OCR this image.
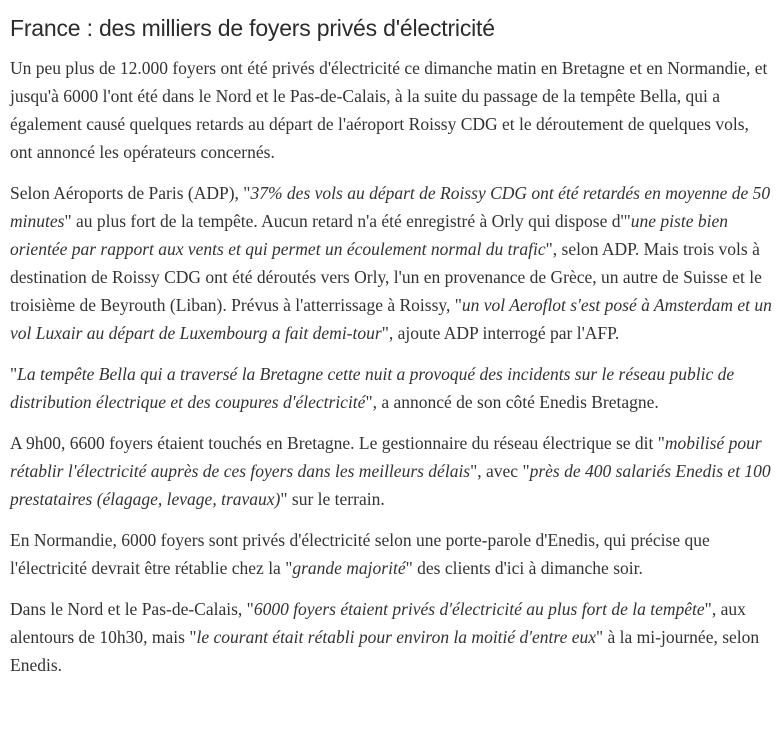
France : des milliers de foyers privés d'électricité

Un peu plus de 12.000 foyers ont été privés d'électricité ce dimanche matin en Bretagne et en Normandie, et jusqu'à 6000 l'ont été dans le Nord et le Pas-de-Calais, à la suite du passage de la tempête Bella, qui a également causé quelques retards au départ de l'aéroport Roissy CDG et le déroutement de quelques vols, ont annoncé les opérateurs concernés.

Selon Aéroports de Paris (ADP), "37% des vols au départ de Roissy CDG ont été retardés en moyenne de 50 minutes" au plus fort de la tempête. Aucun retard n'a été enregistré à Orly qui dispose d'"une piste bien orientée par rapport aux vents et qui permet un écoulement normal du trafic", selon ADP. Mais trois vols à destination de Roissy CDG ont été déroutés vers Orly, l'un en provenance de Grèce, un autre de Suisse et le troisième de Beyrouth (Liban). Prévus à l'atterrissage à Roissy, "un vol Aeroflot s'est posé à Amsterdam et un vol Luxair au départ de Luxembourg a fait demi-tour", ajoute ADP interrogé par l'AFP.

"La tempête Bella qui a traversé la Bretagne cette nuit a provoqué des incidents sur le réseau public de distribution électrique et des coupures d'électricité", a annoncé de son côté Enedis Bretagne.

A 9h00, 6600 foyers étaient touchés en Bretagne. Le gestionnaire du réseau électrique se dit "mobilisé pour rétablir l'électricité auprès de ces foyers dans les meilleurs délais", avec "près de 400 salariés Enedis et 100 prestataires (élagage, levage, travaux)" sur le terrain.

En Normandie, 6000 foyers sont privés d'électricité selon une porte-parole d'Enedis, qui précise que l'électricité devrait être rétablie chez la "grande majorité" des clients d'ici à dimanche soir.

Dans le Nord et le Pas-de-Calais, "6000 foyers étaient privés d'électricité au plus fort de la tempête", aux alentours de 10h30, mais "le courant était rétabli pour environ la moitié d'entre eux" à la mi-journée, selon Enedis.
